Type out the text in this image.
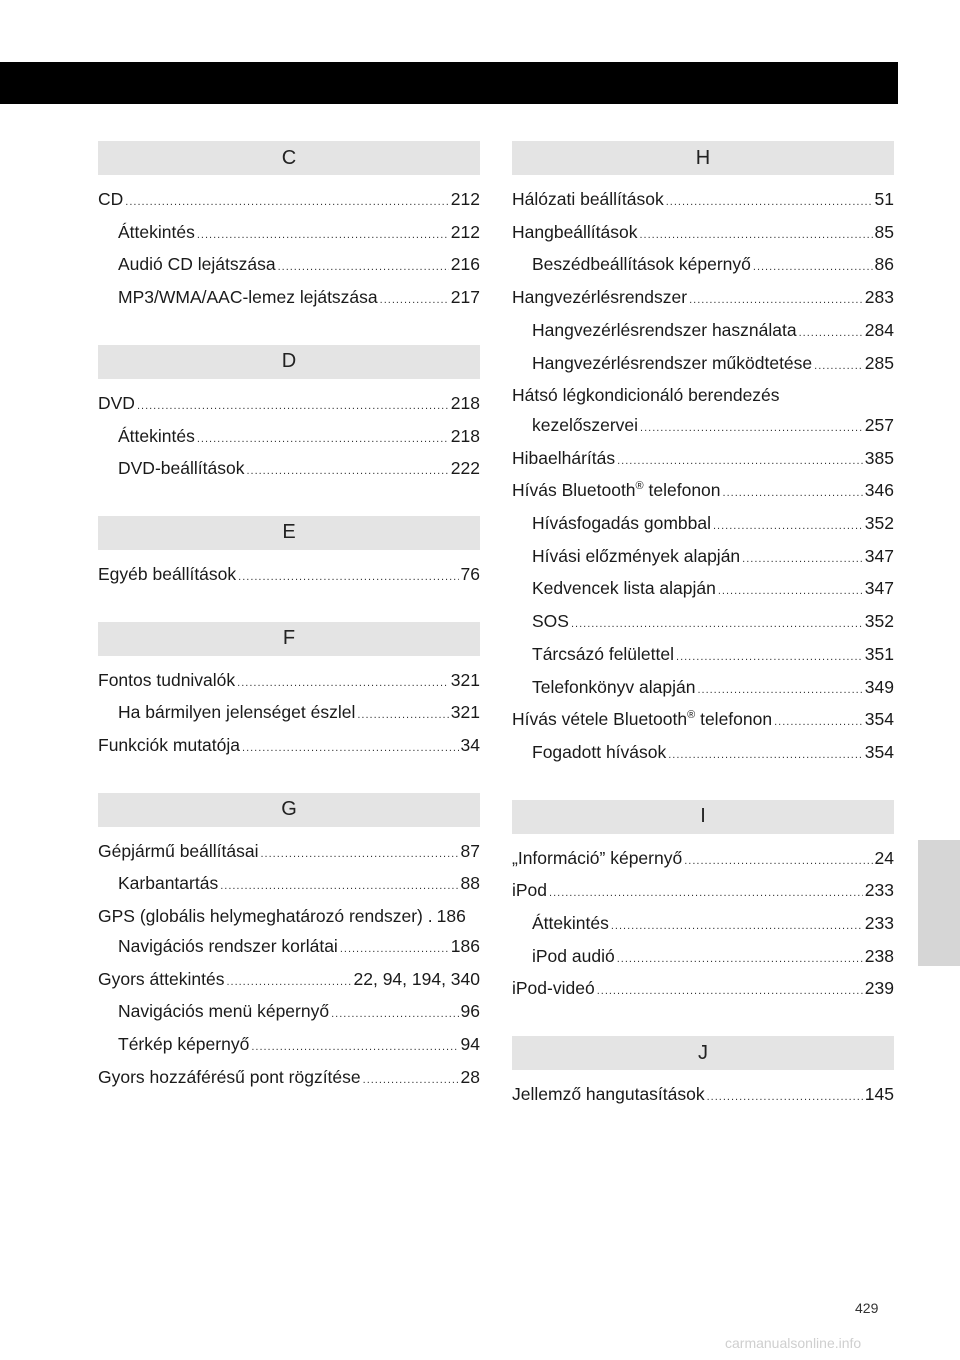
C
CD .....	212
Áttekintés .....	212
Audió CD lejátszása .....	216
MP3/WMA/AAC-lemez lejátszása .....	217
D
DVD .....	218
Áttekintés .....	218
DVD-beállítások .....	222
E
Egyéb beállítások .....	76
F
Fontos tudnivalók .....	321
Ha bármilyen jelenséget észlel .....	321
Funkciók mutatója .....	34
G
Gépjármű beállításai .....	87
Karbantartás .....	88
GPS (globális helymeghatározó rendszer) . 186
Navigációs rendszer korlátai .....	186
Gyors áttekintés .....	22, 94, 194, 340
Navigációs menü képernyő .....	96
Térkép képernyő .....	94
Gyors hozzáférésű pont rögzítése .....	28
H
Hálózati beállítások .....	51
Hangbeállítások .....	85
Beszédbeállítások képernyő .....	86
Hangvezérlésrendszer .....	283
Hangvezérlésrendszer használata .....	284
Hangvezérlésrendszer működtetése .....	285
Hátsó légkondicionáló berendezés
kezelőszervei .....	257
Hibaelhárítás .....	385
Hívás Bluetooth® telefonon .....	346
Hívásfogadás gombbal .....	352
Hívási előzmények alapján .....	347
Kedvencek lista alapján .....	347
SOS .....	352
Tárcsázó felülettel .....	351
Telefonkönyv alapján .....	349
Hívás vétele Bluetooth® telefonon .....	354
Fogadott hívások .....	354
I
„Információ” képernyő .....	24
iPod .....	233
Áttekintés .....	233
iPod audió .....	238
iPod-videó .....	239
J
Jellemző hangutasítások .....	145
429
carmanualsonline.info
